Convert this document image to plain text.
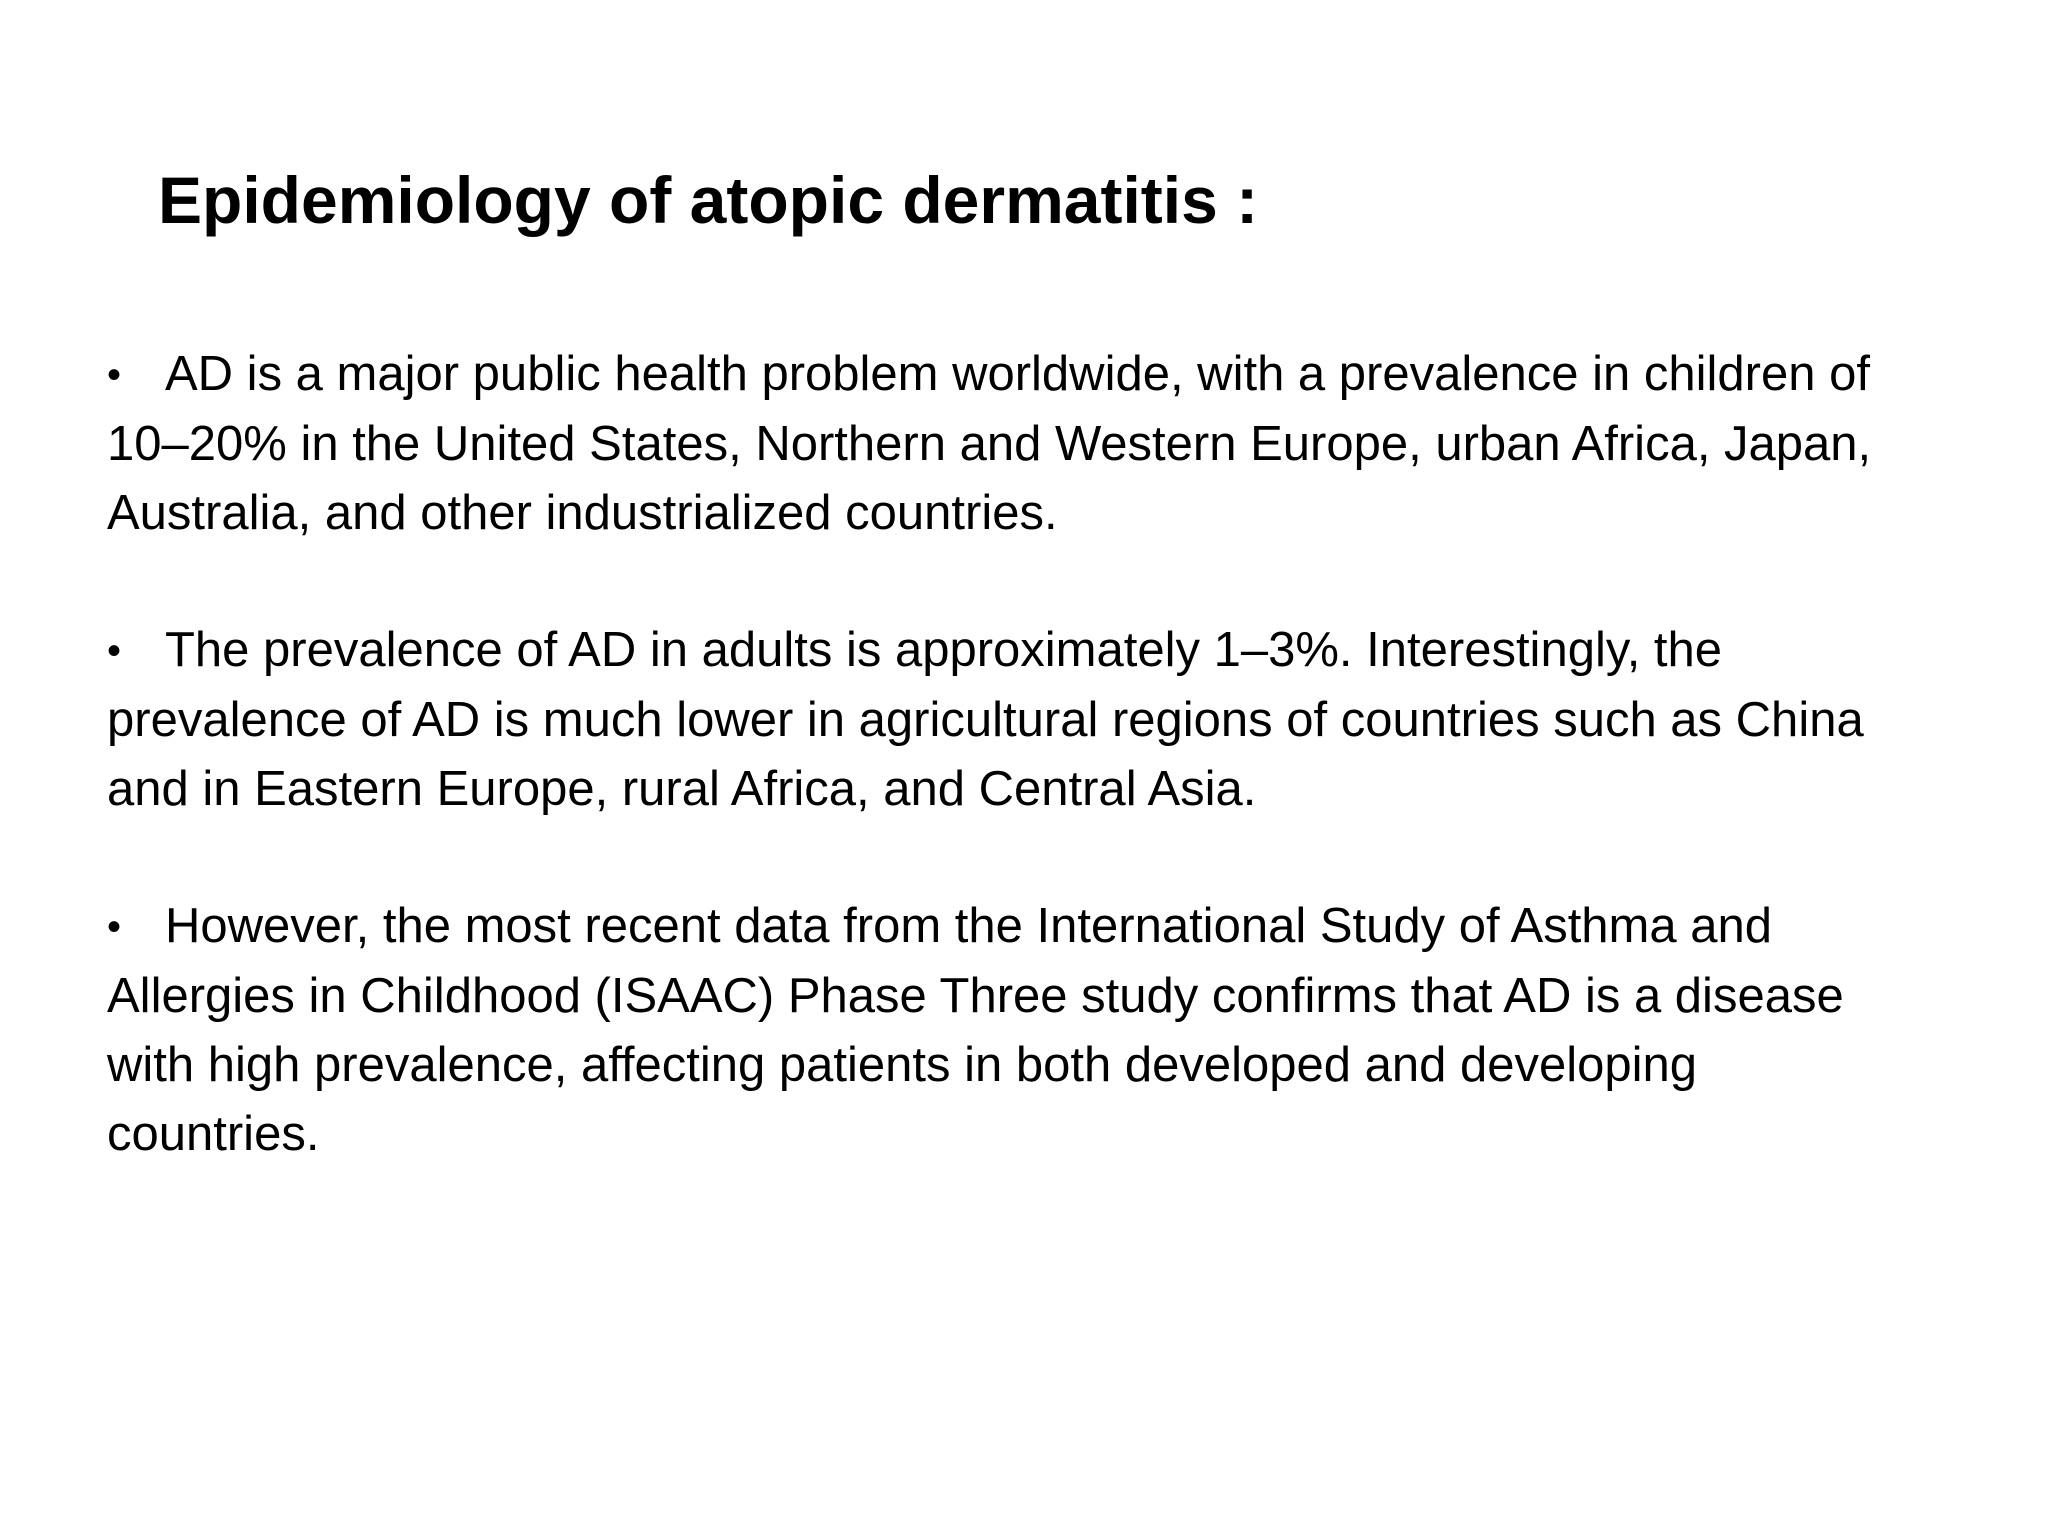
Epidemiology of atopic dermatitis :

• AD is a major public health problem worldwide, with a prevalence in children of 10–20% in the United States, Northern and Western Europe, urban Africa, Japan, Australia, and other industrialized countries.

• The prevalence of AD in adults is approximately 1–3%. Interestingly, the prevalence of AD is much lower in agricultural regions of countries such as China and in Eastern Europe, rural Africa, and Central Asia.

• However, the most recent data from the International Study of Asthma and Allergies in Childhood (ISAAC) Phase Three study confirms that AD is a disease with high prevalence, affecting patients in both developed and developing countries.
